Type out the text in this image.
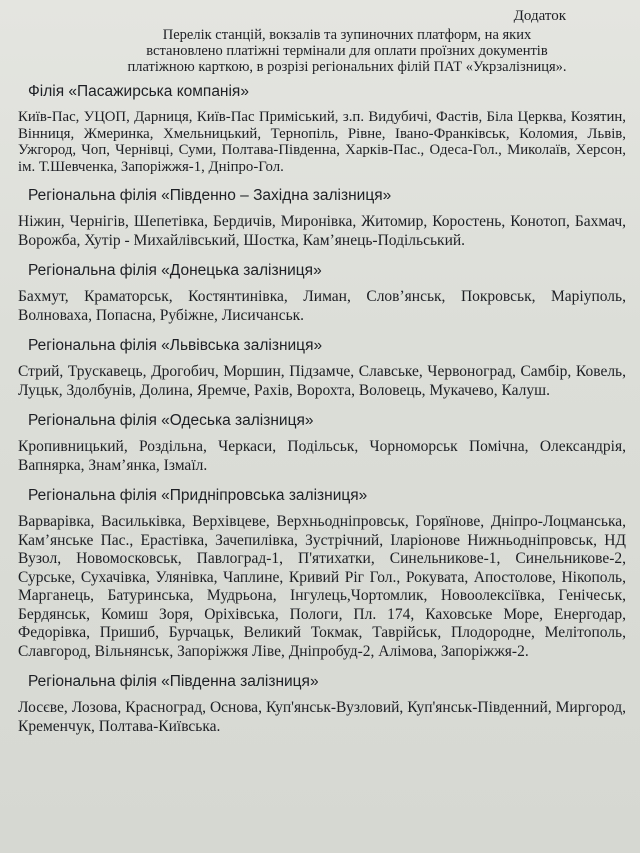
Додаток
Перелік станцій, вокзалів та зупиночних платформ, на яких
встановлено платіжні термінали для оплати проїзних документів
платіжною карткою, в розрізі регіональних філій ПАТ «Укрзалізниця».
Філія «Пасажирська компанія»
Київ-Пас, УЦОП, Дарниця, Київ-Пас Приміський, з.п. Видубичі, Фастів, Біла Церква, Козятин, Вінниця, Жмеринка, Хмельницький, Тернопіль, Рівне, Івано-Франківськ, Коломия, Львів, Ужгород, Чоп, Чернівці, Суми, Полтава-Південна, Харків-Пас., Одеса-Гол., Миколаїв, Херсон, ім. Т.Шевченка, Запоріжжя-1, Дніпро-Гол.
Регіональна філія «Південно – Західна залізниця»
Ніжин, Чернігів, Шепетівка, Бердичів, Миронівка, Житомир, Коростень, Конотоп, Бахмач, Ворожба, Хутір - Михайлівський, Шостка, Кам’янець-Подільський.
Регіональна філія «Донецька залізниця»
Бахмут, Краматорськ, Костянтинівка, Лиман, Слов’янськ, Покровськ, Маріуполь, Волноваха, Попасна, Рубіжне, Лисичанськ.
Регіональна філія «Львівська залізниця»
Стрий, Трускавець, Дрогобич, Моршин, Підзамче, Славське, Червоноград, Самбір, Ковель, Луцьк, Здолбунів, Долина, Яремче, Рахів, Ворохта, Воловець, Мукачево, Калуш.
Регіональна філія «Одеська залізниця»
Кропивницький, Роздільна, Черкаси, Подільськ, Чорноморськ Помічна, Олександрія, Вапнярка, Знам’янка, Ізмаїл.
Регіональна філія «Придніпровська залізниця»
Варварівка, Васильківка, Верхівцеве, Верхньодніпровськ, Горяїнове, Дніпро-Лоцманська, Кам’янське Пас., Ерастівка, Зачепилівка, Зустрічний, Іларіонове Нижньодніпровськ, НД Вузол, Новомосковськ, Павлоград-1, П'ятихатки, Синельникове-1, Синельникове-2, Сурське, Сухачівка, Улянівка, Чаплине, Кривий Ріг Гол., Рокувата, Апостолове, Нікополь, Марганець, Батуринська, Мудрьона, Інгулець,Чортомлик, Новоолексіївка, Генічеськ, Бердянськ, Комиш Зоря, Оріхівська, Пологи, Пл. 174, Каховське Море, Енергодар, Федорівка, Пришиб, Бурчацьк, Великий Токмак, Таврійськ, Плодородне, Мелітополь, Славгород, Вільнянськ, Запоріжжя Ліве, Дніпробуд-2, Алімова, Запоріжжя-2.
Регіональна філія «Південна залізниця»
Лосєве, Лозова, Красноград, Основа, Куп'янськ-Вузловий, Куп'янськ-Південний, Миргород, Кременчук, Полтава-Київська.
